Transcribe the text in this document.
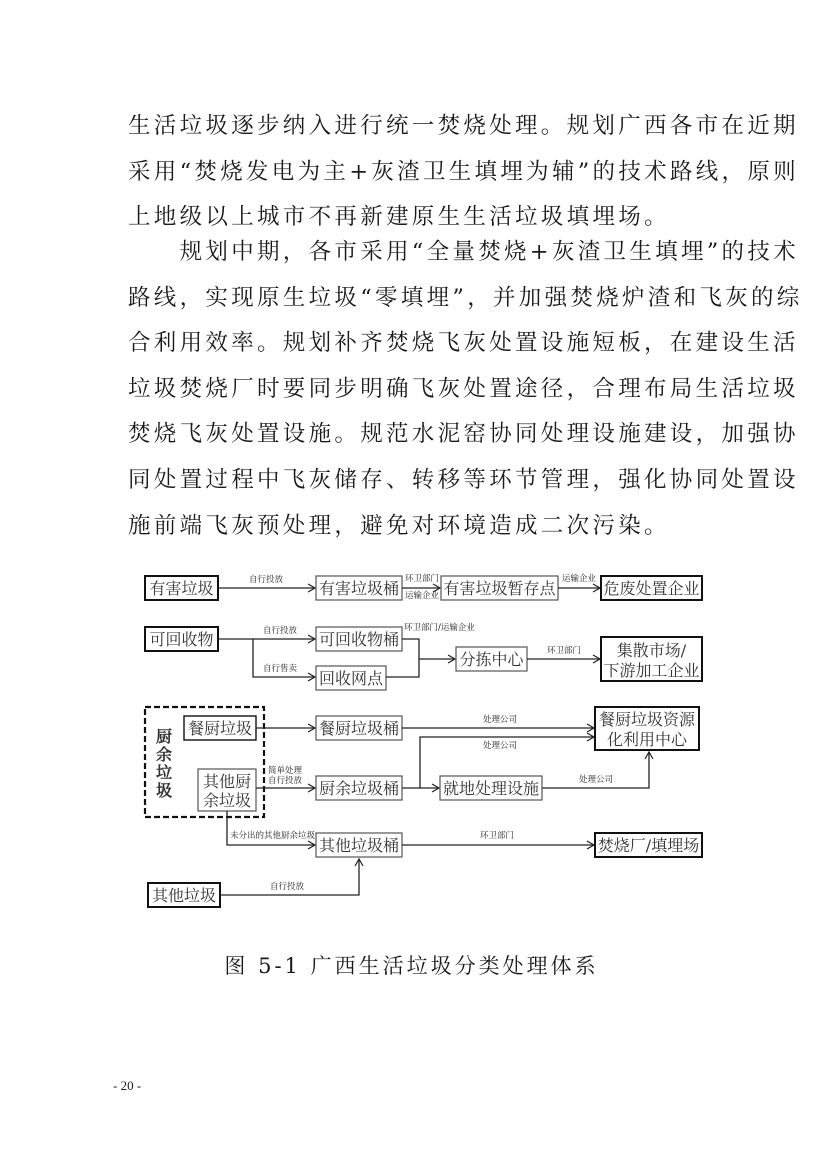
生活垃圾逐步纳入进行统一焚烧处理。规划广西各市在近期
采用“焚烧发电为主+灰渣卫生填埋为辅”的技术路线，原则
上地级以上城市不再新建原生生活垃圾填埋场。
　　规划中期，各市采用“全量焚烧+灰渣卫生填埋”的技术
路线，实现原生垃圾“零填埋”，并加强焚烧炉渣和飞灰的综
合利用效率。规划补齐焚烧飞灰处置设施短板，在建设生活
垃圾焚烧厂时要同步明确飞灰处置途径，合理布局生活垃圾
焚烧飞灰处置设施。规范水泥窑协同处理设施建设，加强协
同处置过程中飞灰储存、转移等环节管理，强化协同处置设
施前端飞灰预处理，避免对环境造成二次污染。
有害垃圾	自行投放 有害垃圾桶 环卫部门
运输企业 有害垃圾暂存点 运输企业 危废处置企业
可回收物	自行投放
自行售卖
可回收物桶
回收网点
环卫部门/运输企业
分拣中心	环卫部门 集散市场/
下游加工企业
厨
余
垃
圾
餐厨垃圾
其他厨
余垃圾
简单处理
自行投放
餐厨垃圾桶
厨余垃圾桶
处理公司
处理公司
就地处理设施	处理公司
餐厨垃圾资源
化利用中心
未分出的其他厨余垃圾 其他垃圾桶	环卫部门	焚烧厂/填埋场
其他垃圾	自行投放
图 5-1 广西生活垃圾分类处理体系
- 20 -
